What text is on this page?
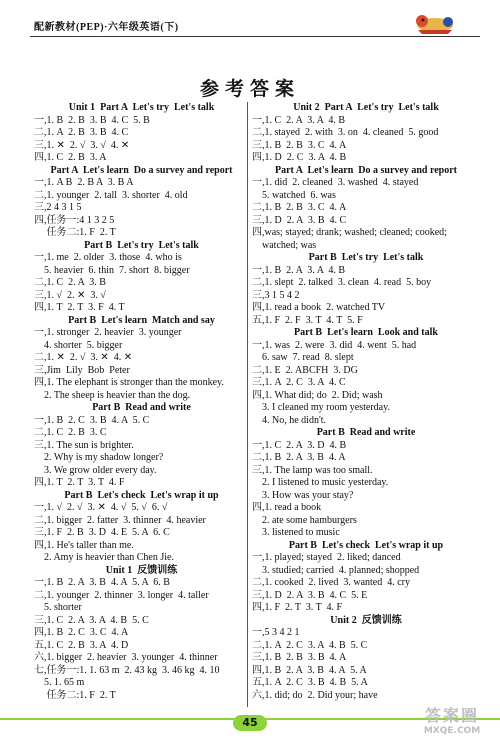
配新教材(PEP)·六年级英语(下)
参考答案
Unit 1  Part A  Let's try  Let's talk
一,1. B  2. B  3. B  4. C  5. B
二,1. A  2. B  3. B  4. C
三,1. ✕  2. √  3. √  4. ✕
四,1. C  2. B  3. A
Part A  Let's learn  Do a survey and report
一,1. A B  2. B A  3. B A
二,1. younger  2. tall  3. shorter  4. old
三,2 4 3 1 5
四,任务一:4 1 3 2 5
任务二:1. F  2. T
Part B  Let's try  Let's talk
一,1. me  2. older  3. those  4. who is
5. heavier  6. thin  7. short  8. bigger
二,1. C  2. A  3. B
三,1. √  2. ✕  3. √
四,1. T  2. T  3. F  4. T
Part B  Let's learn  Match and say
一,1. stronger  2. heavier  3. younger
4. shorter  5. bigger
二,1. ✕  2. √  3. ✕  4. ✕
三,Jim  Lily  Bob  Peter
四,1. The elephant is stronger than the monkey.
2. The sheep is heavier than the dog.
Part B  Read and write
一,1. B  2. C  3. B  4. A  5. C
二,1. C  2. B  3. C
三,1. The sun is brighter.
2. Why is my shadow longer?
3. We grow older every day.
四,1. T  2. T  3. T  4. F
Part B  Let's check  Let's wrap it up
一,1. √  2. √  3. ✕  4. √  5. √  6. √
二,1. bigger  2. fatter  3. thinner  4. heavier
三,1. F  2. B  3. D  4. E  5. A  6. C
四,1. He's taller than me.
2. Amy is heavier than Chen Jie.
Unit 1  反馈训练
一,1. B  2. A  3. B  4. A  5. A  6. B
二,1. younger  2. thinner  3. longer  4. taller
5. shorter
三,1. C  2. A  3. A  4. B  5. C
四,1. B  2. C  3. C  4. A
五,1. C  2. B  3. A  4. D
六,1. bigger  2. heavier  3. younger  4. thinner
七,任务一:1. 1. 63 m  2. 43 kg  3. 46 kg  4. 10
5. 1. 65 m
任务二:1. F  2. T
Unit 2  Part A  Let's try  Let's talk
一,1. C  2. A  3. A  4. B
二,1. stayed  2. with  3. on  4. cleaned  5. good
三,1. B  2. B  3. C  4. A
四,1. D  2. C  3. A  4. B
Part A  Let's learn  Do a survey and report
一,1. did  2. cleaned  3. washed  4. stayed
5. watched  6. was
二,1. B  2. B  3. C  4. A
三,1. D  2. A  3. B  4. C
四,was; stayed; drank; washed; cleaned; cooked;
watched; was
Part B  Let's try  Let's talk
一,1. B  2. A  3. A  4. B
二,1. slept  2. talked  3. clean  4. read  5. boy
三,3 1 5 4 2
四,1. read a book  2. watched TV
五,1. F  2. F  3. T  4. T  5. F
Part B  Let's learn  Look and talk
一,1. was  2. were  3. did  4. went  5. had
6. saw  7. read  8. slept
二,1. E  2. ABCFH  3. DG
三,1. A  2. C  3. A  4. C
四,1. What did; do  2. Did; wash
3. I cleaned my room yesterday.
4. No, he didn't.
Part B  Read and write
一,1. C  2. A  3. D  4. B
二,1. B  2. A  3. B  4. A
三,1. The lamp was too small.
2. I listened to music yesterday.
3. How was your stay?
四,1. read a book
2. ate some hamburgers
3. listened to music
Part B  Let's check  Let's wrap it up
一,1. played; stayed  2. liked; danced
3. studied; carried  4. planned; shopped
二,1. cooked  2. lived  3. wanted  4. cry
三,1. D  2. A  3. B  4. C  5. E
四,1. F  2. T  3. T  4. F
Unit 2  反馈训练
一,5 3 4 2 1
二,1. A  2. C  3. A  4. B  5. C
三,1. B  2. B  3. B  4. A
四,1. B  2. A  3. B  4. A  5. A
五,1. A  2. C  3. B  4. B  5. A
六,1. did; do  2. Did your; have
45	答案圈
MXQE.COM
